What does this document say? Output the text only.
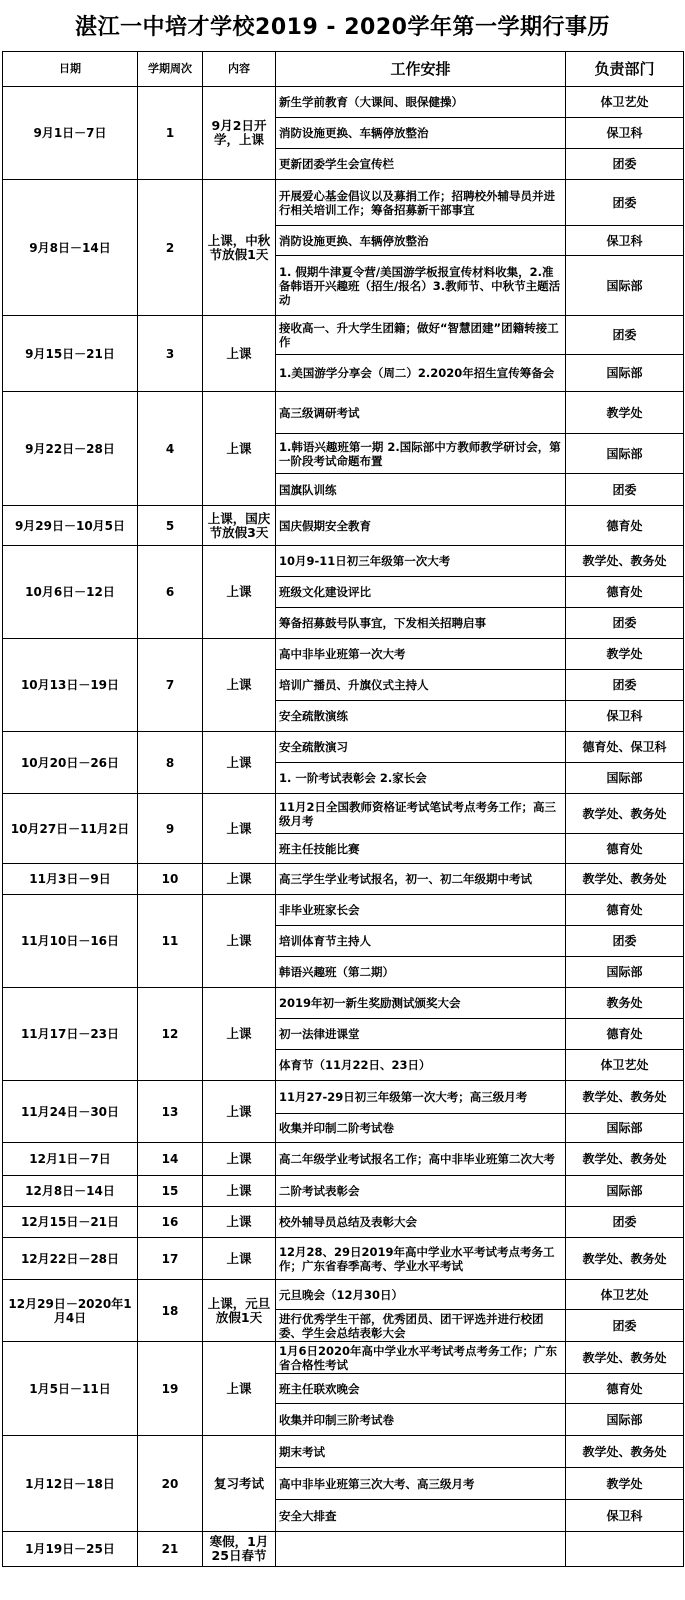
湛江一中培才学校2019 - 2020学年第一学期行事历
日期	学期周次	内容	工作安排	负责部门
9月1日－7日	1	9月2日开学，上课	新生学前教育（大课间、眼保健操）	体卫艺处
			消防设施更换、车辆停放整治	保卫科
			更新团委学生会宣传栏	团委
9月8日－14日	2	上课，中秋节放假1天	开展爱心基金倡议以及募捐工作；招聘校外辅导员并进行相关培训工作；筹备招募新干部事宜	团委
			消防设施更换、车辆停放整治	保卫科
			1. 假期牛津夏令营/美国游学板报宣传材料收集，2.准备韩语开兴趣班（招生/报名）3.教师节、中秋节主题活动	国际部
9月15日－21日	3	上课	接收高一、升大学生团籍；做好“智慧团建”团籍转接工作	团委
			1.美国游学分享会（周二）2.2020年招生宣传筹备会	国际部
9月22日－28日	4	上课	高三级调研考试	教学处
			1.韩语兴趣班第一期 2.国际部中方教师教学研讨会，第一阶段考试命题布置	国际部
			国旗队训练	团委
9月29日－10月5日	5	上课，国庆节放假3天	国庆假期安全教育	德育处
10月6日－12日	6	上课	10月9-11日初三年级第一次大考	教学处、教务处
			班级文化建设评比	德育处
			筹备招募鼓号队事宜，下发相关招聘启事	团委
10月13日－19日	7	上课	高中非毕业班第一次大考	教学处
			培训广播员、升旗仪式主持人	团委
			安全疏散演练	保卫科
10月20日－26日	8	上课	安全疏散演习	德育处、保卫科
			1. 一阶考试表彰会 2.家长会	国际部
10月27日－11月2日	9	上课	11月2日全国教师资格证考试笔试考点考务工作；高三级月考	教学处、教务处
			班主任技能比赛	德育处
11月3日－9日	10	上课	高三学生学业考试报名，初一、初二年级期中考试	教学处、教务处
11月10日－16日	11	上课	非毕业班家长会	德育处
			培训体育节主持人	团委
			韩语兴趣班（第二期）	国际部
11月17日－23日	12	上课	2019年初一新生奖励测试颁奖大会	教务处
			初一法律进课堂	德育处
			体育节（11月22日、23日）	体卫艺处
11月24日－30日	13	上课	11月27-29日初三年级第一次大考；高三级月考	教学处、教务处
			收集并印制二阶考试卷	国际部
12月1日－7日	14	上课	高二年级学业考试报名工作；高中非毕业班第二次大考	教学处、教务处
12月8日－14日	15	上课	二阶考试表彰会	国际部
12月15日－21日	16	上课	校外辅导员总结及表彰大会	团委
12月22日－28日	17	上课	12月28、29日2019年高中学业水平考试考点考务工作；广东省春季高考、学业水平考试	教学处、教务处
12月29日－2020年1月4日	18	上课，元旦放假1天	元旦晚会（12月30日）	体卫艺处
			进行优秀学生干部，优秀团员、团干评选并进行校团委、学生会总结表彰大会	团委
1月5日－11日	19	上课	1月6日2020年高中学业水平考试考点考务工作；广东省合格性考试	教学处、教务处
			班主任联欢晚会	德育处
			收集并印制三阶考试卷	国际部
1月12日－18日	20	复习考试	期末考试	教学处、教务处
			高中非毕业班第三次大考、高三级月考	教学处
			安全大排查	保卫科
1月19日－25日	21	寒假，1月25日春节		
